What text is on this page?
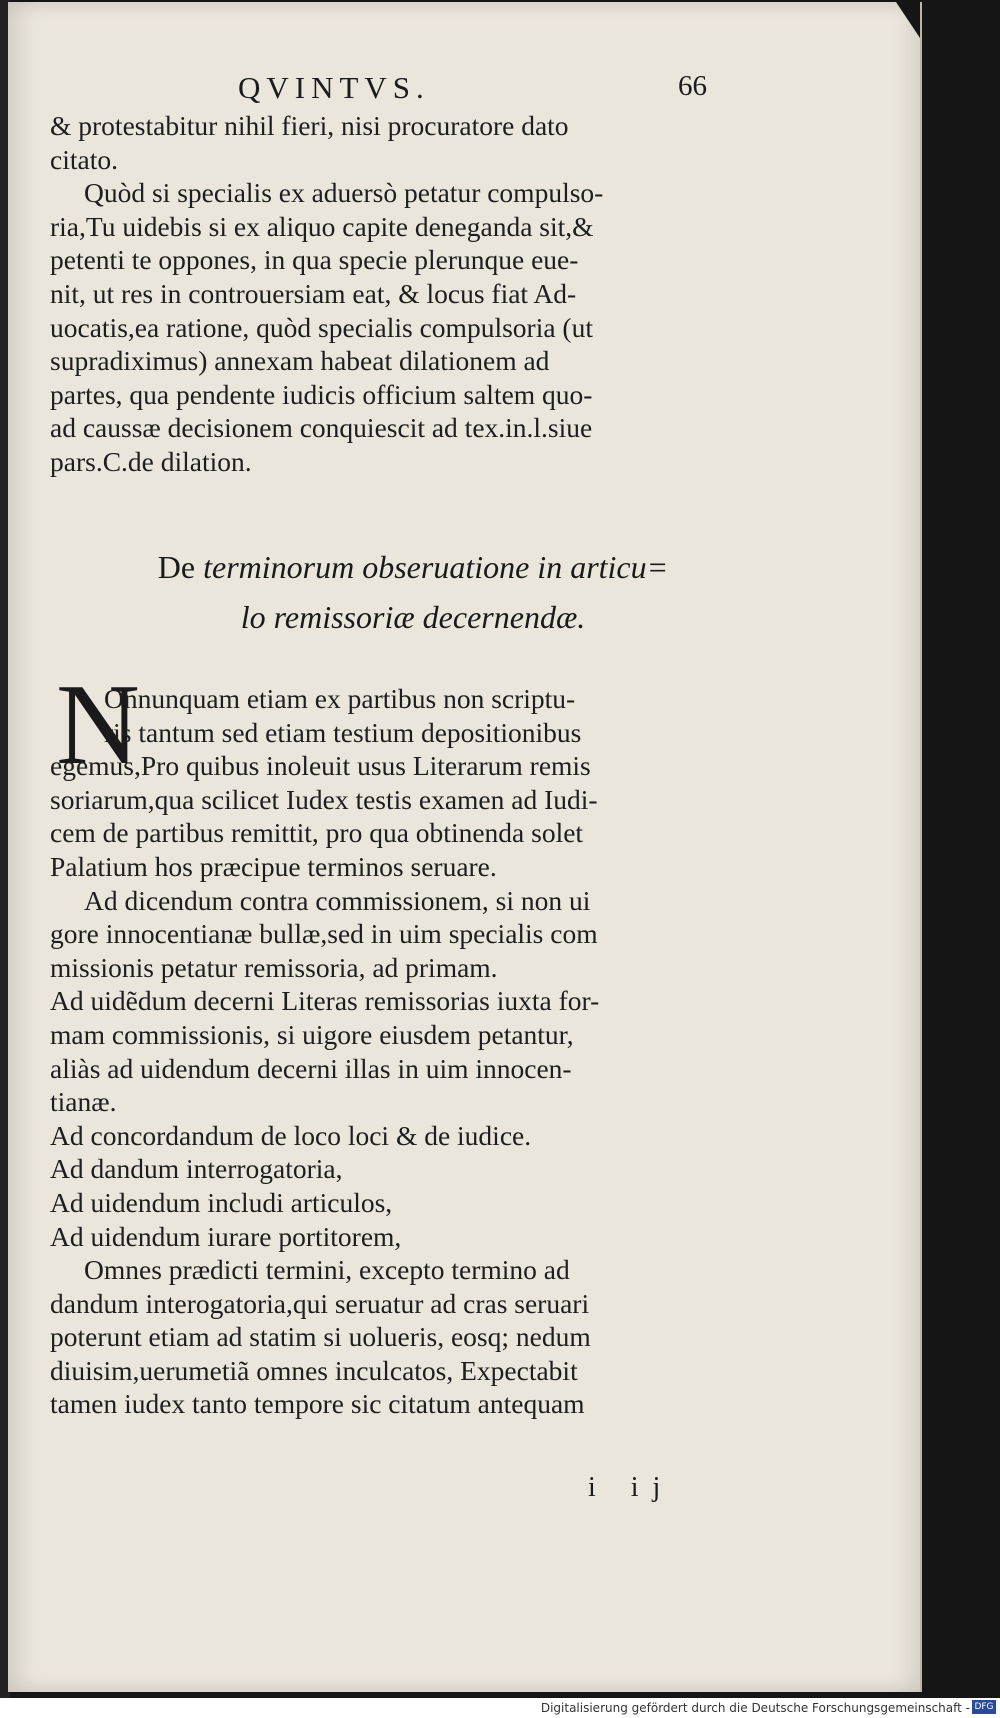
QVINTVS.	66
& protestabitur nihil fieri, nisi procuratore dato
citato.
Quòd si specialis ex aduersò petatur compulso-
ria,Tu uidebis si ex aliquo capite deneganda sit,&
petenti te oppones, in qua specie plerunque eue-
nit, ut res in controuersiam eat, & locus fiat Ad-
uocatis,ea ratione, quòd specialis compulsoria (ut
supradiximus) annexam habeat dilationem ad
partes, qua pendente iudicis officium saltem quo-
ad caussæ decisionem conquiescit ad tex.in.l.siue
pars.C.de dilation.
De terminorum obseruatione in articu=
lo remissoriæ decernendæ.
N
Onnunquam etiam ex partibus non scriptu-
ris tantum sed etiam testium depositionibus
egemus,Pro quibus inoleuit usus Literarum remis
soriarum,qua scilicet Iudex testis examen ad Iudi-
cem de partibus remittit, pro qua obtinenda solet
Palatium hos præcipue terminos seruare.
Ad dicendum contra commissionem, si non ui
gore innocentianæ bullæ,sed in uim specialis com
missionis petatur remissoria, ad primam.
Ad uidẽdum decerni Literas remissorias iuxta for-
mam commissionis, si uigore eiusdem petantur,
aliàs ad uidendum decerni illas in uim innocen-
tianæ.
Ad concordandum de loco loci & de iudice.
Ad dandum interrogatoria,
Ad uidendum includi articulos,
Ad uidendum iurare portitorem,
Omnes prædicti termini, excepto termino ad
dandum interogatoria,qui seruatur ad cras seruari
poterunt etiam ad statim si uolueris, eosq; nedum
diuisim,uerumetiã omnes inculcatos, Expectabit
tamen iudex tanto tempore sic citatum antequam
i ij
Digitalisierung gefördert durch die Deutsche Forschungsgemeinschaft - DFG
